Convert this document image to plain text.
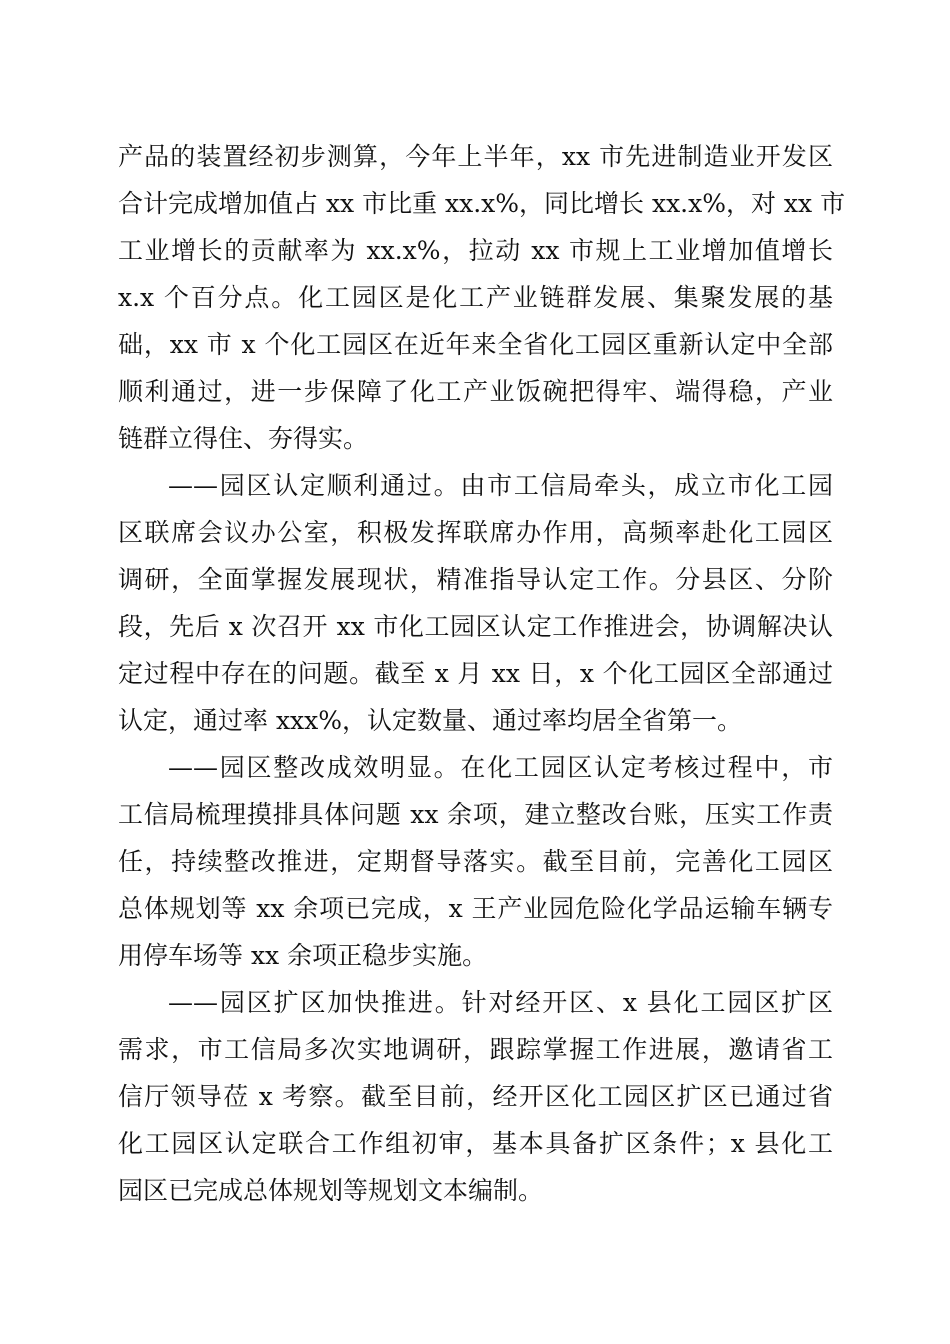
产品的装置经初步测算，今年上半年，xx 市先进制造业开发区
合计完成增加值占 xx 市比重 xx.x%，同比增长 xx.x%，对 xx 市
工业增长的贡献率为 xx.x%，拉动 xx 市规上工业增加值增长
x.x 个百分点。化工园区是化工产业链群发展、集聚发展的基
础，xx 市 x 个化工园区在近年来全省化工园区重新认定中全部
顺利通过，进一步保障了化工产业饭碗把得牢、端得稳，产业
链群立得住、夯得实。
——园区认定顺利通过。由市工信局牵头，成立市化工园
区联席会议办公室，积极发挥联席办作用，高频率赴化工园区
调研，全面掌握发展现状，精准指导认定工作。分县区、分阶
段，先后 x 次召开 xx 市化工园区认定工作推进会，协调解决认
定过程中存在的问题。截至 x 月 xx 日，x 个化工园区全部通过
认定，通过率 xxx%，认定数量、通过率均居全省第一。
——园区整改成效明显。在化工园区认定考核过程中，市
工信局梳理摸排具体问题 xx 余项，建立整改台账，压实工作责
任，持续整改推进，定期督导落实。截至目前，完善化工园区
总体规划等 xx 余项已完成，x 王产业园危险化学品运输车辆专
用停车场等 xx 余项正稳步实施。
——园区扩区加快推进。针对经开区、x 县化工园区扩区
需求，市工信局多次实地调研，跟踪掌握工作进展，邀请省工
信厅领导莅 x 考察。截至目前，经开区化工园区扩区已通过省
化工园区认定联合工作组初审，基本具备扩区条件；x 县化工
园区已完成总体规划等规划文本编制。
